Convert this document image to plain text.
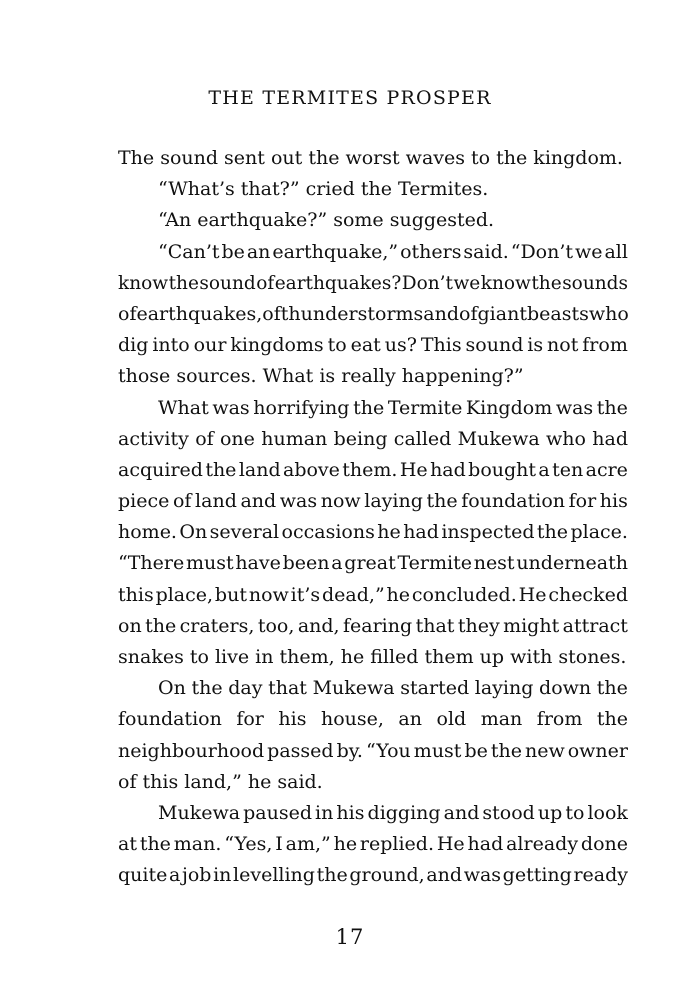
THE TERMITES PROSPER
The sound sent out the worst waves to the kingdom.
“What’s that?” cried the Termites.
“An earthquake?” some suggested.
“Can’t be an earthquake,” others said. “Don’t we all
know the sound of earthquakes? Don’t we know the sounds
of earthquakes, of thunderstorms and of giant beasts who
dig into our kingdoms to eat us? This sound is not from
those sources. What is really happening?”
What was horrifying the Termite Kingdom was the
activity of one human being called Mukewa who had
acquired the land above them. He had bought a ten acre
piece of land and was now laying the foundation for his
home. On several occasions he had inspected the place.
“There must have been a great Termite nest underneath
this place, but now it’s dead,” he concluded. He checked
on the craters, too, and, fearing that they might attract
snakes to live in them, he filled them up with stones.
On the day that Mukewa started laying down the
foundation for his house, an old man from the
neighbourhood passed by. “You must be the new owner
of this land,” he said.
Mukewa paused in his digging and stood up to look
at the man. “Yes, I am,” he replied. He had already done
quite a job in levelling the ground, and was getting ready
17
